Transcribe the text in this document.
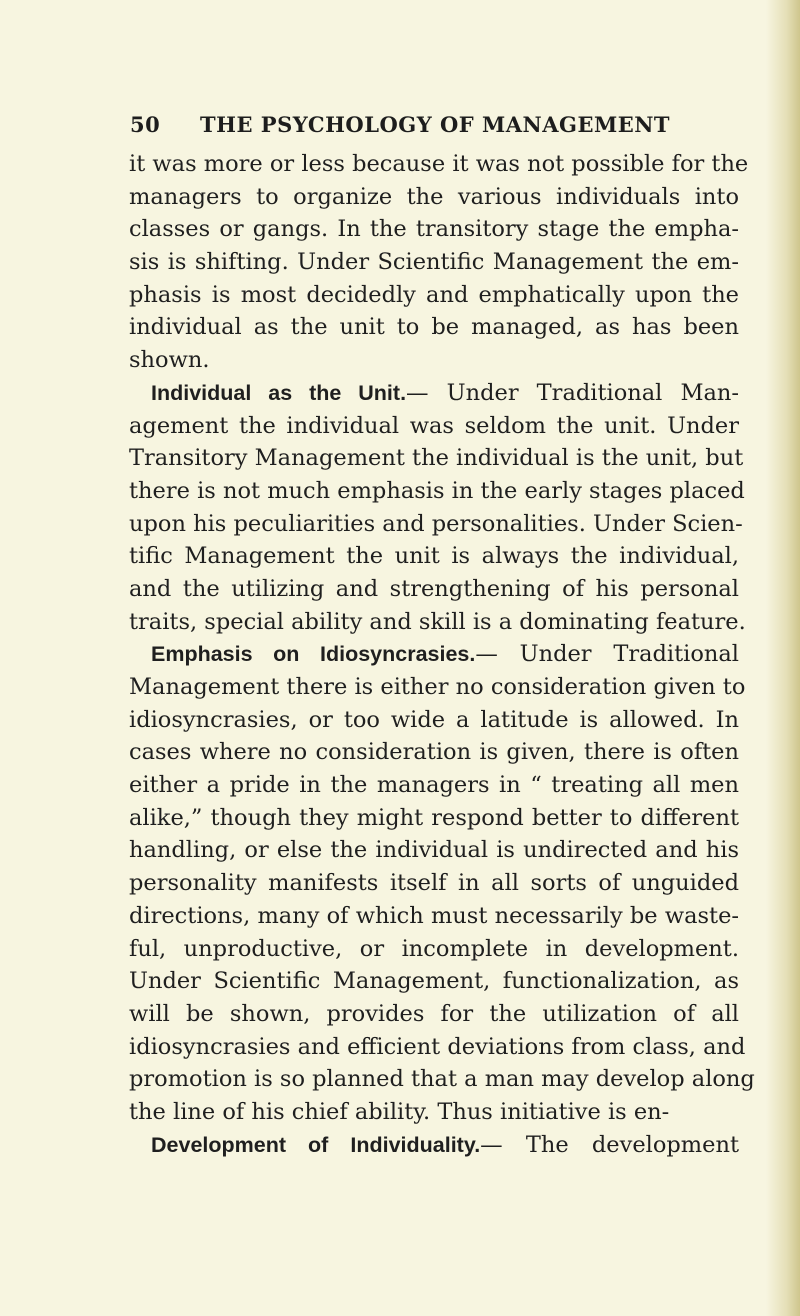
50 THE PSYCHOLOGY OF MANAGEMENT
it was more or less because it was not possible for the
managers to organize the various individuals into
classes or gangs. In the transitory stage the empha-
sis is shifting. Under Scientific Management the em-
phasis is most decidedly and emphatically upon the
individual as the unit to be managed, as has been
shown.
Individual as the Unit.— Under Traditional Man-
agement the individual was seldom the unit. Under
Transitory Management the individual is the unit, but
there is not much emphasis in the early stages placed
upon his peculiarities and personalities. Under Scien-
tific Management the unit is always the individual,
and the utilizing and strengthening of his personal
traits, special ability and skill is a dominating feature.
Emphasis on Idiosyncrasies.— Under Traditional
Management there is either no consideration given to
idiosyncrasies, or too wide a latitude is allowed. In
cases where no consideration is given, there is often
either a pride in the managers in “ treating all men
alike,” though they might respond better to different
handling, or else the individual is undirected and his
personality manifests itself in all sorts of unguided
directions, many of which must necessarily be waste-
ful, unproductive, or incomplete in development.
Under Scientific Management, functionalization, as
will be shown, provides for the utilization of all
idiosyncrasies and efficient deviations from class, and
promotion is so planned that a man may develop along
the line of his chief ability. Thus initiative is en-
Development of Individuality.— The development
